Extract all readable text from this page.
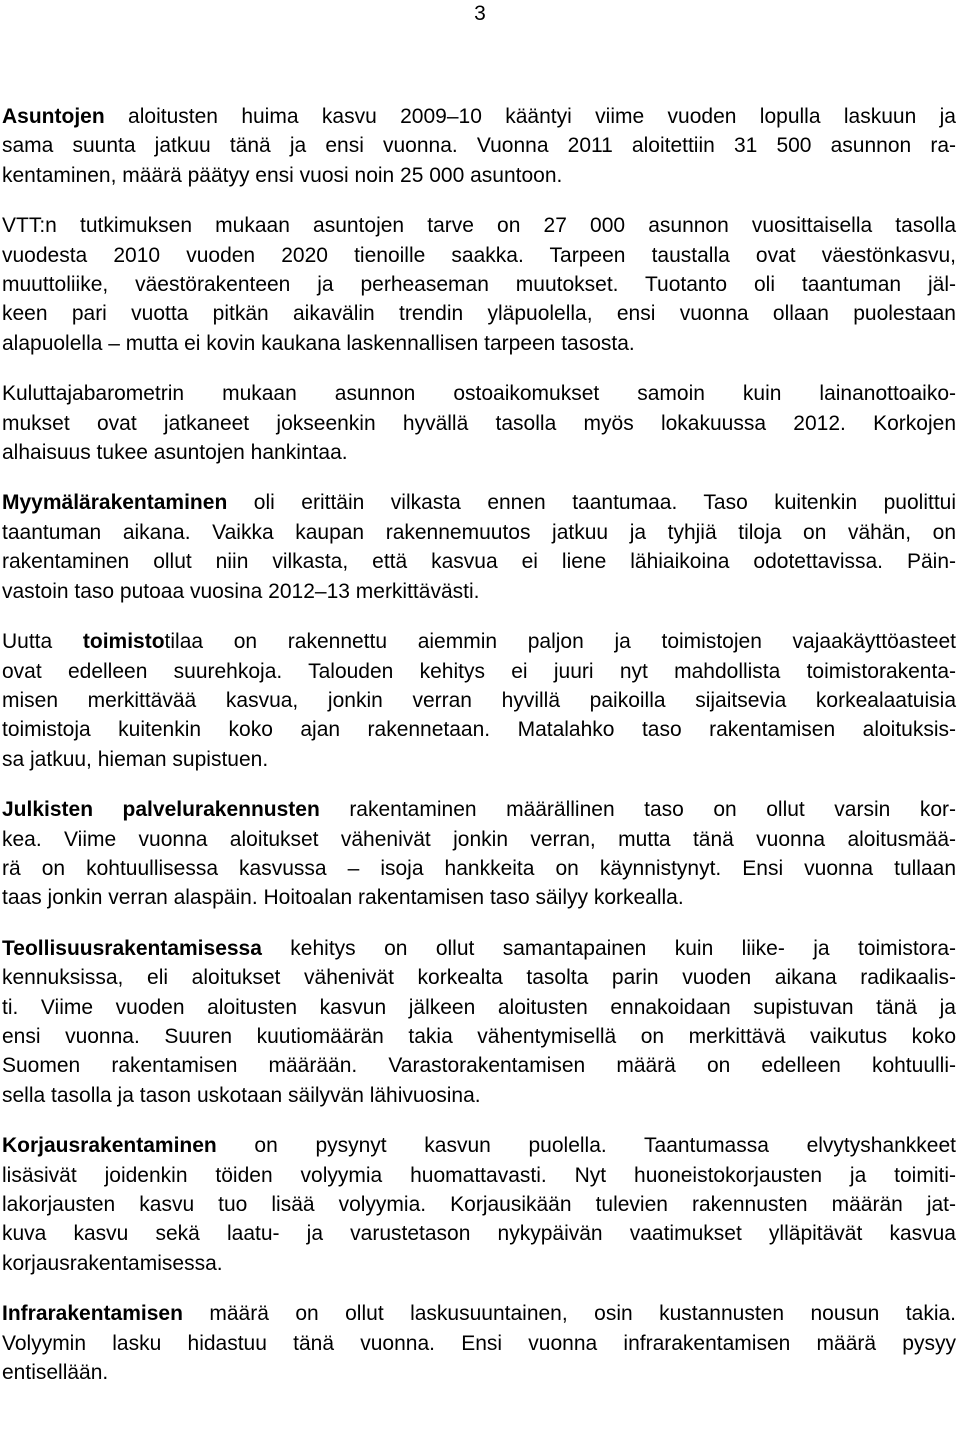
3
Asuntojen aloitusten huima kasvu 2009–10 kääntyi viime vuoden lopulla laskuun ja
sama suunta jatkuu tänä ja ensi vuonna. Vuonna 2011 aloitettiin 31 500 asunnon ra-
kentaminen, määrä päätyy ensi vuosi noin 25 000 asuntoon.
VTT:n tutkimuksen mukaan asuntojen tarve on 27 000 asunnon vuosittaisella tasolla
vuodesta 2010 vuoden 2020 tienoille saakka. Tarpeen taustalla ovat väestönkasvu,
muuttoliike, väestörakenteen ja perheaseman muutokset. Tuotanto oli taantuman jäl-
keen pari vuotta pitkän aikavälin trendin yläpuolella, ensi vuonna ollaan puolestaan
alapuolella – mutta ei kovin kaukana laskennallisen tarpeen tasosta.
Kuluttajabarometrin mukaan asunnon ostoaikomukset samoin kuin lainanottoaiko-
mukset ovat jatkaneet jokseenkin hyvällä tasolla myös lokakuussa 2012. Korkojen
alhaisuus tukee asuntojen hankintaa.
Myymälärakentaminen oli erittäin vilkasta ennen taantumaa. Taso kuitenkin puolittui
taantuman aikana. Vaikka kaupan rakennemuutos jatkuu ja tyhjiä tiloja on vähän, on
rakentaminen ollut niin vilkasta, että kasvua ei liene lähiaikoina odotettavissa. Päin-
vastoin taso putoaa vuosina 2012–13 merkittävästi.
Uutta toimistotilaa on rakennettu aiemmin paljon ja toimistojen vajaakäyttöasteet
ovat edelleen suurehkoja. Talouden kehitys ei juuri nyt mahdollista toimistorakenta-
misen merkittävää kasvua, jonkin verran hyvillä paikoilla sijaitsevia korkealaatuisia
toimistoja kuitenkin koko ajan rakennetaan. Matalahko taso rakentamisen aloituksis-
sa jatkuu, hieman supistuen.
Julkisten palvelurakennusten rakentaminen määrällinen taso on ollut varsin kor-
kea. Viime vuonna aloitukset vähenivät jonkin verran, mutta tänä vuonna aloitusmää-
rä on kohtuullisessa kasvussa – isoja hankkeita on käynnistynyt. Ensi vuonna tullaan
taas jonkin verran alaspäin. Hoitoalan rakentamisen taso säilyy korkealla.
Teollisuusrakentamisessa kehitys on ollut samantapainen kuin liike- ja toimistora-
kennuksissa, eli aloitukset vähenivät korkealta tasolta parin vuoden aikana radikaalis-
ti. Viime vuoden aloitusten kasvun jälkeen aloitusten ennakoidaan supistuvan tänä ja
ensi vuonna. Suuren kuutiomäärän takia vähentymisellä on merkittävä vaikutus koko
Suomen rakentamisen määrään. Varastorakentamisen määrä on edelleen kohtuulli-
sella tasolla ja tason uskotaan säilyvän lähivuosina.
Korjausrakentaminen on pysynyt kasvun puolella. Taantumassa elvytyshankkeet
lisäsivät joidenkin töiden volyymia huomattavasti. Nyt huoneistokorjausten ja toimiti-
lakorjausten kasvu tuo lisää volyymia. Korjausikään tulevien rakennusten määrän jat-
kuva kasvu sekä laatu- ja varustetason nykypäivän vaatimukset ylläpitävät kasvua
korjausrakentamisessa.
Infrarakentamisen määrä on ollut laskusuuntainen, osin kustannusten nousun takia.
Volyymin lasku hidastuu tänä vuonna. Ensi vuonna infrarakentamisen määrä pysyy
entisellään.
